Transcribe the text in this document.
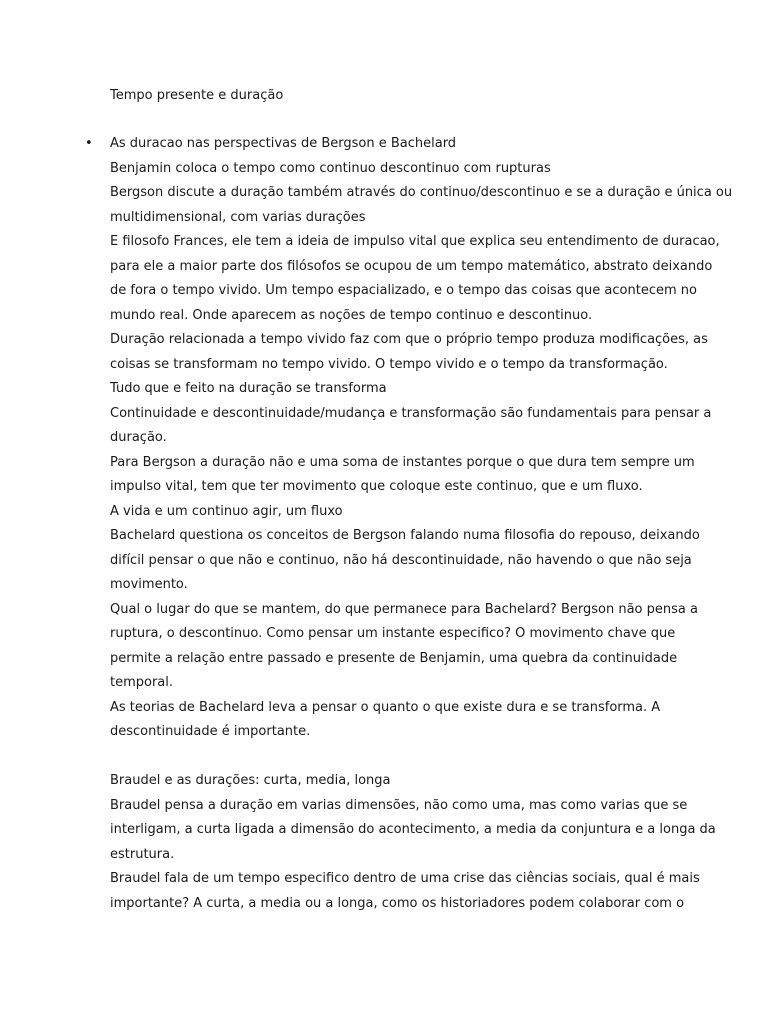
Tempo presente e duração
• As duracao nas perspectivas de Bergson e Bachelard
Benjamin coloca o tempo como continuo descontinuo com rupturas
Bergson discute a duração também através do continuo/descontinuo e se a duração e única ou
multidimensional, com varias durações
E filosofo Frances, ele tem a ideia de impulso vital que explica seu entendimento de duracao,
para ele a maior parte dos filósofos se ocupou de um tempo matemático, abstrato deixando
de fora o tempo vivido. Um tempo espacializado, e o tempo das coisas que acontecem no
mundo real. Onde aparecem as noções de tempo continuo e descontinuo.
Duração relacionada a tempo vivido faz com que o próprio tempo produza modificações, as
coisas se transformam no tempo vivido. O tempo vivido e o tempo da transformação.
Tudo que e feito na duração se transforma
Continuidade e descontinuidade/mudança e transformação são fundamentais para pensar a
duração.
Para Bergson a duração não e uma soma de instantes porque o que dura tem sempre um
impulso vital, tem que ter movimento que coloque este continuo, que e um fluxo.
A vida e um continuo agir, um fluxo
Bachelard questiona os conceitos de Bergson falando numa filosofia do repouso, deixando
difícil pensar o que não e continuo, não há descontinuidade, não havendo o que não seja
movimento.
Qual o lugar do que se mantem, do que permanece para Bachelard? Bergson não pensa a
ruptura, o descontinuo. Como pensar um instante especifico? O movimento chave que
permite a relação entre passado e presente de Benjamin, uma quebra da continuidade
temporal.
As teorias de Bachelard leva a pensar o quanto o que existe dura e se transforma. A
descontinuidade é importante.
Braudel e as durações: curta, media, longa
Braudel pensa a duração em varias dimensões, não como uma, mas como varias que se
interligam, a curta ligada a dimensão do acontecimento, a media da conjuntura e a longa da
estrutura.
Braudel fala de um tempo especifico dentro de uma crise das ciências sociais, qual é mais
importante? A curta, a media ou a longa, como os historiadores podem colaborar com o
